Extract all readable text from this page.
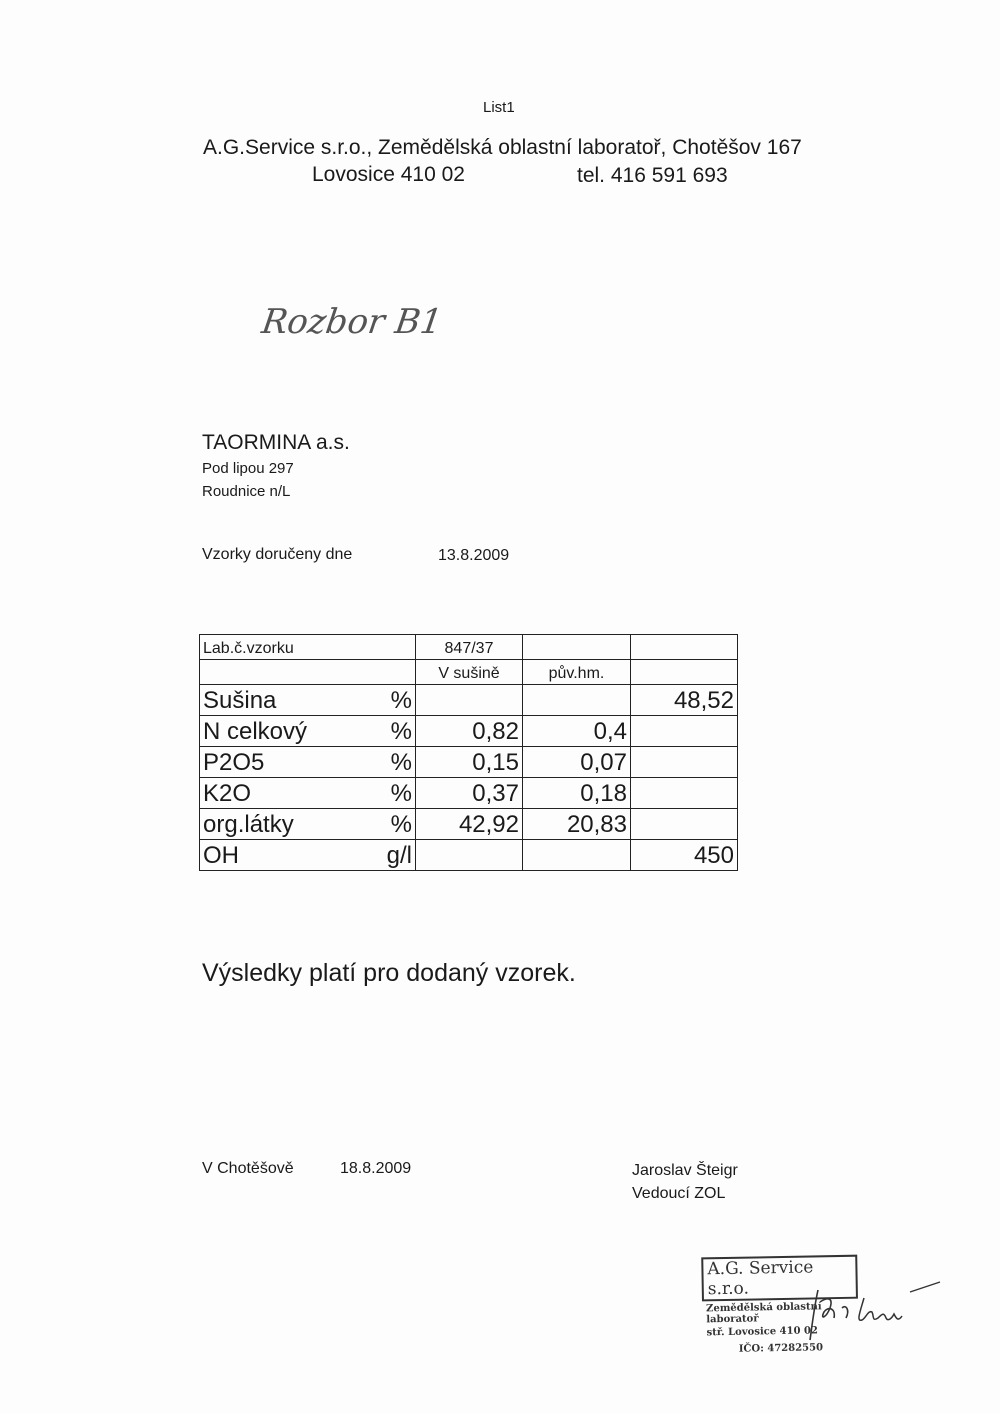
List1
A.G.Service s.r.o., Zemědělská oblastní laboratoř, Chotěšov 167
Lovosice 410 02	tel. 416 591 693
Rozbor B1
TAORMINA a.s.
Pod lipou 297
Roudnice n/L
Vzorky doručeny dne	13.8.2009
Lab.č.vzorku		847/37		
		V sušině	pův.hm.	
Sušina	%			48,52
N celkový	%	0,82	0,4	
P2O5	%	0,15	0,07	
K2O	%	0,37	0,18	
org.látky	%	42,92	20,83	
OH	g/l			450
Výsledky platí pro dodaný vzorek.
V Chotěšově	18.8.2009	Jaroslav Šteigr
Vedoucí ZOL
A.G. Service s.r.o.
Zemědělská oblastní laboratoř
stř. Lovosice 410 02
IČO: 47282550
